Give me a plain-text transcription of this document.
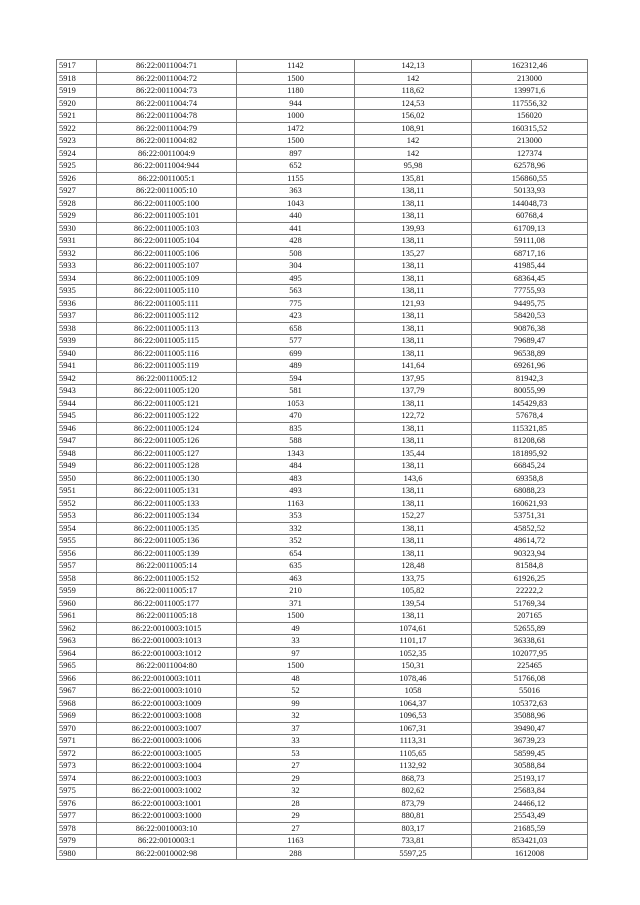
5917	86:22:0011004:71	1142	142,13	162312,46
5918	86:22:0011004:72	1500	142	213000
5919	86:22:0011004:73	1180	118,62	139971,6
5920	86:22:0011004:74	944	124,53	117556,32
5921	86:22:0011004:78	1000	156,02	156020
5922	86:22:0011004:79	1472	108,91	160315,52
5923	86:22:0011004:82	1500	142	213000
5924	86:22:0011004:9	897	142	127374
5925	86:22:0011004:944	652	95,98	62578,96
5926	86:22:0011005:1	1155	135,81	156860,55
5927	86:22:0011005:10	363	138,11	50133,93
5928	86:22:0011005:100	1043	138,11	144048,73
5929	86:22:0011005:101	440	138,11	60768,4
5930	86:22:0011005:103	441	139,93	61709,13
5931	86:22:0011005:104	428	138,11	59111,08
5932	86:22:0011005:106	508	135,27	68717,16
5933	86:22:0011005:107	304	138,11	41985,44
5934	86:22:0011005:109	495	138,11	68364,45
5935	86:22:0011005:110	563	138,11	77755,93
5936	86:22:0011005:111	775	121,93	94495,75
5937	86:22:0011005:112	423	138,11	58420,53
5938	86:22:0011005:113	658	138,11	90876,38
5939	86:22:0011005:115	577	138,11	79689,47
5940	86:22:0011005:116	699	138,11	96538,89
5941	86:22:0011005:119	489	141,64	69261,96
5942	86:22:0011005:12	594	137,95	81942,3
5943	86:22:0011005:120	581	137,79	80055,99
5944	86:22:0011005:121	1053	138,11	145429,83
5945	86:22:0011005:122	470	122,72	57678,4
5946	86:22:0011005:124	835	138,11	115321,85
5947	86:22:0011005:126	588	138,11	81208,68
5948	86:22:0011005:127	1343	135,44	181895,92
5949	86:22:0011005:128	484	138,11	66845,24
5950	86:22:0011005:130	483	143,6	69358,8
5951	86:22:0011005:131	493	138,11	68088,23
5952	86:22:0011005:133	1163	138,11	160621,93
5953	86:22:0011005:134	353	152,27	53751,31
5954	86:22:0011005:135	332	138,11	45852,52
5955	86:22:0011005:136	352	138,11	48614,72
5956	86:22:0011005:139	654	138,11	90323,94
5957	86:22:0011005:14	635	128,48	81584,8
5958	86:22:0011005:152	463	133,75	61926,25
5959	86:22:0011005:17	210	105,82	22222,2
5960	86:22:0011005:177	371	139,54	51769,34
5961	86:22:0011005:18	1500	138,11	207165
5962	86:22:0010003:1015	49	1074,61	52655,89
5963	86:22:0010003:1013	33	1101,17	36338,61
5964	86:22:0010003:1012	97	1052,35	102077,95
5965	86:22:0011004:80	1500	150,31	225465
5966	86:22:0010003:1011	48	1078,46	51766,08
5967	86:22:0010003:1010	52	1058	55016
5968	86:22:0010003:1009	99	1064,37	105372,63
5969	86:22:0010003:1008	32	1096,53	35088,96
5970	86:22:0010003:1007	37	1067,31	39490,47
5971	86:22:0010003:1006	33	1113,31	36739,23
5972	86:22:0010003:1005	53	1105,65	58599,45
5973	86:22:0010003:1004	27	1132,92	30588,84
5974	86:22:0010003:1003	29	868,73	25193,17
5975	86:22:0010003:1002	32	802,62	25683,84
5976	86:22:0010003:1001	28	873,79	24466,12
5977	86:22:0010003:1000	29	880,81	25543,49
5978	86:22:0010003:10	27	803,17	21685,59
5979	86:22:0010003:1	1163	733,81	853421,03
5980	86:22:0010002:98	288	5597,25	1612008
